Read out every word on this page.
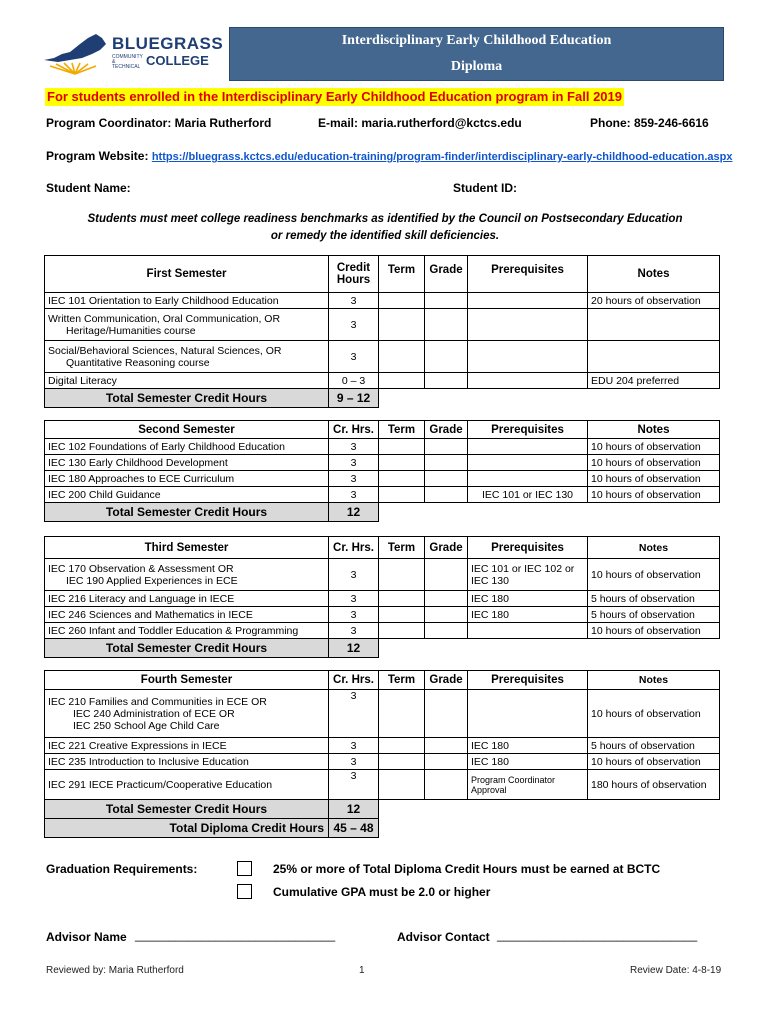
BLUEGRASS
COMMUNITY & TECHNICAL COLLEGE
Interdisciplinary Early Childhood Education
Diploma
For students enrolled in the Interdisciplinary Early Childhood Education program in Fall 2019
Program Coordinator: Maria Rutherford	E-mail: maria.rutherford@kctcs.edu	Phone: 859-246-6616
Program Website: https://bluegrass.kctcs.edu/education-training/program-finder/interdisciplinary-early-childhood-education.aspx
Student Name:	Student ID:
Students must meet college readiness benchmarks as identified by the Council on Postsecondary Education
or remedy the identified skill deficiencies.
First Semester	Credit Hours	Term	Grade	Prerequisites	Notes
IEC 101 Orientation to Early Childhood Education	3				20 hours of observation
Written Communication, Oral Communication, OR
Heritage/Humanities course	3				
Social/Behavioral Sciences, Natural Sciences, OR
Quantitative Reasoning course	3				
Digital Literacy	0 – 3				EDU 204 preferred
Total Semester Credit Hours	9 – 12				
Second Semester	Cr. Hrs.	Term	Grade	Prerequisites	Notes
IEC 102 Foundations of Early Childhood Education	3				10 hours of observation
IEC 130 Early Childhood Development	3				10 hours of observation
IEC 180 Approaches to ECE Curriculum	3				10 hours of observation
IEC 200 Child Guidance	3			IEC 101 or IEC 130	10 hours of observation
Total Semester Credit Hours	12				
Third Semester	Cr. Hrs.	Term	Grade	Prerequisites	Notes
IEC 170 Observation & Assessment OR
IEC 190 Applied Experiences in ECE	3			IEC 101 or IEC 102 or IEC 130	10 hours of observation
IEC 216 Literacy and Language in IECE	3			IEC 180	5 hours of observation
IEC 246 Sciences and Mathematics in IECE	3			IEC 180	5 hours of observation
IEC 260 Infant and Toddler Education & Programming	3				10 hours of observation
Total Semester Credit Hours	12				
Fourth Semester	Cr. Hrs.	Term	Grade	Prerequisites	Notes
IEC 210 Families and Communities in ECE OR
IEC 240 Administration of ECE OR
IEC 250 School Age Child Care	3				10 hours of observation
IEC 221 Creative Expressions in IECE	3			IEC 180	5 hours of observation
IEC 235 Introduction to Inclusive Education	3			IEC 180	10 hours of observation
IEC 291 IECE Practicum/Cooperative Education	3			Program Coordinator Approval	180 hours of observation
Total Semester Credit Hours	12				
Total Diploma Credit Hours	45 – 48				
Graduation Requirements:	25% or more of Total Diploma Credit Hours must be earned at BCTC
Cumulative GPA must be 2.0 or higher
Advisor Name ______________________________	Advisor Contact ______________________________
Reviewed by: Maria Rutherford	1	Review Date: 4-8-19
